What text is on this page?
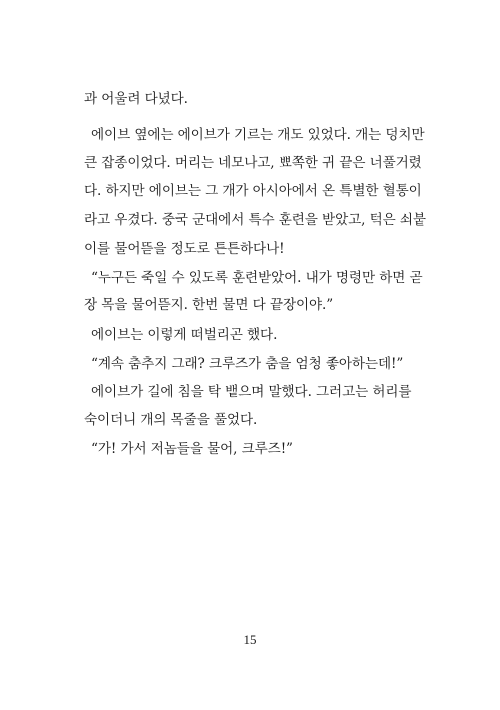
과 어울려 다녔다.
에이브 옆에는 에이브가 기르는 개도 있었다. 개는 덩치만
큰 잡종이었다. 머리는 네모나고, 뾰쪽한 귀 끝은 너풀거렸
다. 하지만 에이브는 그 개가 아시아에서 온 특별한 혈통이
라고 우겼다. 중국 군대에서 특수 훈련을 받았고, 턱은 쇠붙
이를 물어뜯을 정도로 튼튼하다나!
“누구든 죽일 수 있도록 훈련받았어. 내가 명령만 하면 곧
장 목을 물어뜯지. 한번 물면 다 끝장이야.”
에이브는 이렇게 떠벌리곤 했다.
“계속 춤추지 그래? 크루즈가 춤을 엄청 좋아하는데!”
에이브가 길에 침을 탁 뱉으며 말했다. 그러고는 허리를
숙이더니 개의 목줄을 풀었다.
“가! 가서 저놈들을 물어, 크루즈!”
15
